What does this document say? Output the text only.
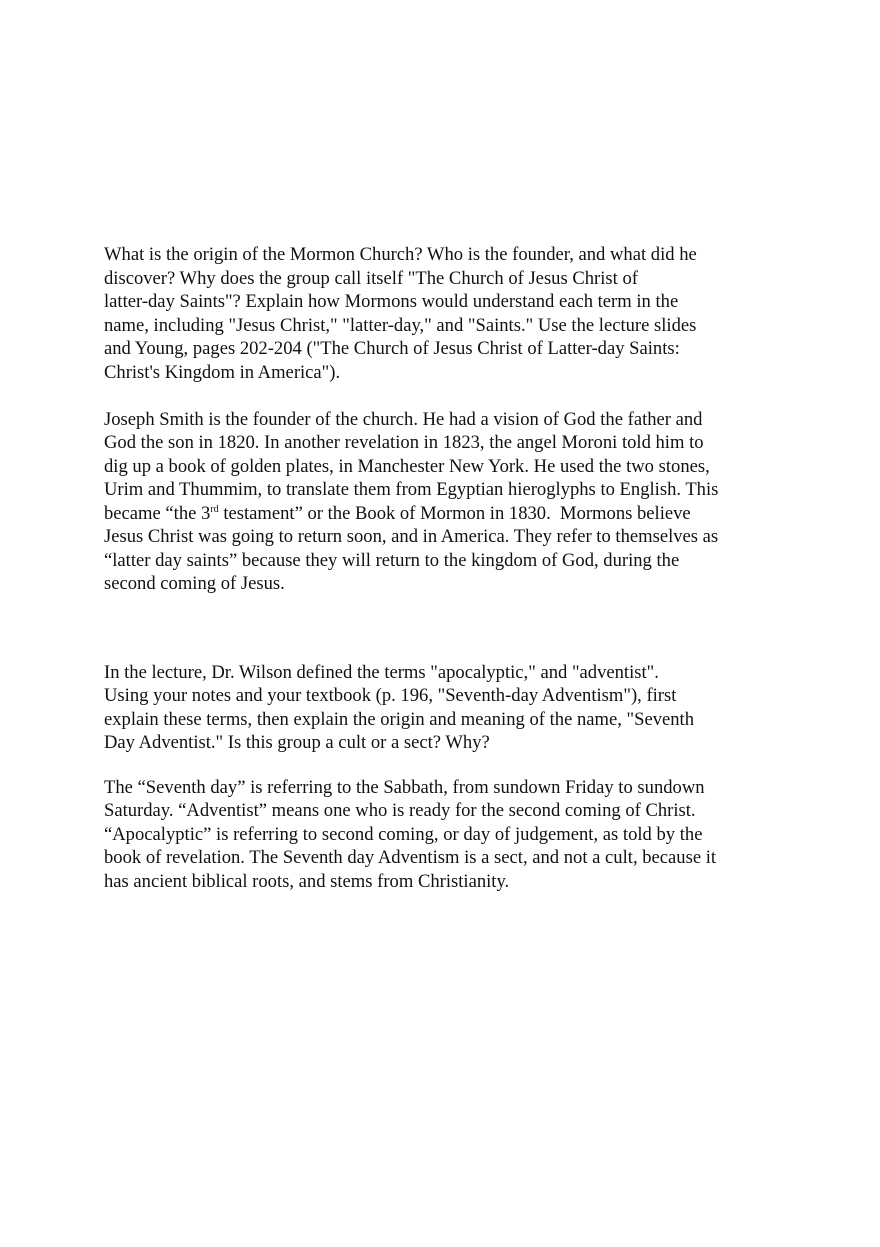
What is the origin of the Mormon Church? Who is the founder, and what did he
discover? Why does the group call itself "The Church of Jesus Christ of
latter-day Saints"? Explain how Mormons would understand each term in the
name, including "Jesus Christ," "latter-day," and "Saints." Use the lecture slides
and Young, pages 202-204 ("The Church of Jesus Christ of Latter-day Saints:
Christ's Kingdom in America").
Joseph Smith is the founder of the church. He had a vision of God the father and
God the son in 1820. In another revelation in 1823, the angel Moroni told him to
dig up a book of golden plates, in Manchester New York. He used the two stones,
Urim and Thummim, to translate them from Egyptian hieroglyphs to English. This
became “the 3rd testament” or the Book of Mormon in 1830.  Mormons believe
Jesus Christ was going to return soon, and in America. They refer to themselves as
“latter day saints” because they will return to the kingdom of God, during the
second coming of Jesus.
In the lecture, Dr. Wilson defined the terms "apocalyptic," and "adventist".
Using your notes and your textbook (p. 196, "Seventh-day Adventism"), first
explain these terms, then explain the origin and meaning of the name, "Seventh
Day Adventist." Is this group a cult or a sect? Why?
The “Seventh day” is referring to the Sabbath, from sundown Friday to sundown
Saturday. “Adventist” means one who is ready for the second coming of Christ.
“Apocalyptic” is referring to second coming, or day of judgement, as told by the
book of revelation. The Seventh day Adventism is a sect, and not a cult, because it
has ancient biblical roots, and stems from Christianity.
